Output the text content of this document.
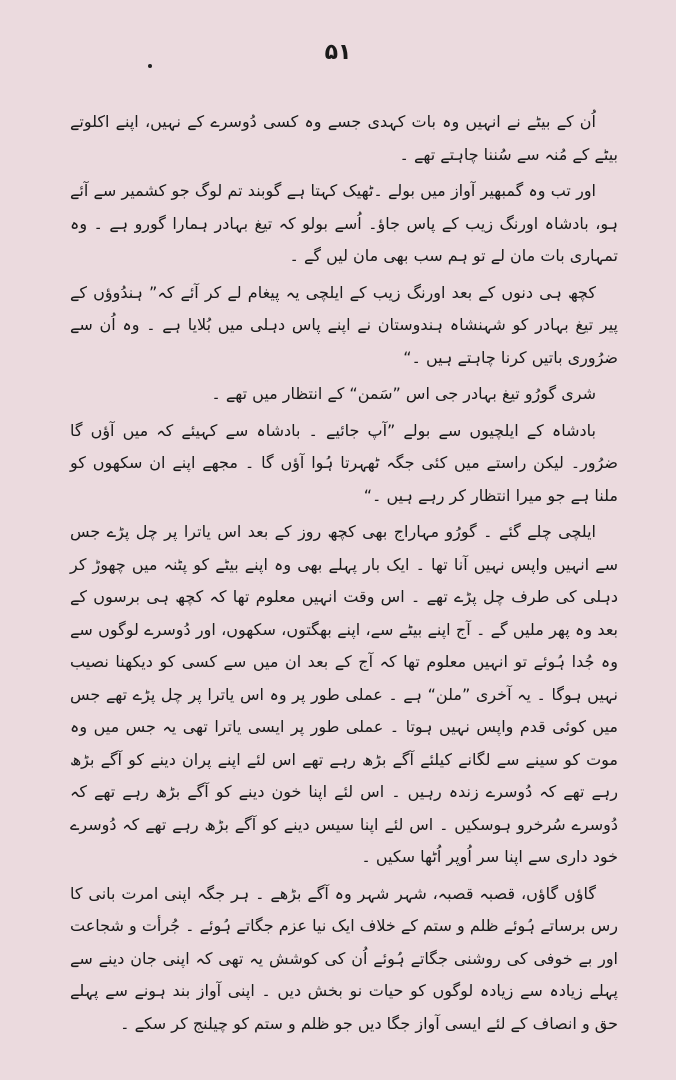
۵۱

اُن کے بیٹے نے انہیں وہ بات کہدی جسے وہ کسی دُوسرے کے نہیں، اپنے اکلوتے بیٹے کے مُنہ سے سُننا چاہتے تھے ۔

اور تب وہ گمبھیر آواز میں بولے ۔ٹھیک کہتا ہے گوبند تم لوگ جو کشمیر سے آئے ہو، بادشاہ اورنگ زیب کے پاس جاؤ۔ اُسے بولو کہ تیغ بہادر ہمارا گورو ہے ۔ وہ تمہاری بات مان لے تو ہم سب بھی مان لیں گے ۔

کچھ ہی دنوں کے بعد اورنگ زیب کے ایلچی یہ پیغام لے کر آئے کہ” ہندُوؤں کے پیر تیغ بہادر کو شہنشاہ ہندوستان نے اپنے پاس دہلی میں بُلایا ہے ۔ وہ اُن سے ضرُوری باتیں کرنا چاہتے ہیں ۔“

شری گورُو تیغ بہادر جی اس ”سَمن“ کے انتظار میں تھے ۔

بادشاہ کے ایلچیوں سے بولے ”آپ جائیے ۔ بادشاہ سے کہیئے کہ میں آؤں گا ضرُور۔ لیکن راستے میں کئی جگہ ٹھہرتا ہُوا آؤں گا ۔ مجھے اپنے ان سکھوں کو ملنا ہے جو میرا انتظار کر رہے ہیں ۔“

ایلچی چلے گئے ۔ گورُو مہاراج بھی کچھ روز کے بعد اس یاترا پر چل پڑے جس سے انہیں واپس نہیں آنا تھا ۔ ایک بار پہلے بھی وہ اپنے بیٹے کو پٹنہ میں چھوڑ کر دہلی کی طرف چل پڑے تھے ۔ اس وقت انہیں معلوم تھا کہ کچھ ہی برسوں کے بعد وہ پھر ملیں گے ۔ آج اپنے بیٹے سے، اپنے بھگتوں، سکھوں، اور دُوسرے لوگوں سے وہ جُدا ہُوئے تو انہیں معلوم تھا کہ آج کے بعد ان میں سے کسی کو دیکھنا نصیب نہیں ہوگا ۔ یہ آخری ”ملن“ ہے ۔ عملی طور پر وہ اس یاترا پر چل پڑے تھے جس میں کوئی قدم واپس نہیں ہوتا ۔ عملی طور پر ایسی یاترا تھی یہ جس میں وہ موت کو سینے سے لگانے کیلئے آگے بڑھ رہے تھے اس لئے اپنے پران دینے کو آگے بڑھ رہے تھے کہ دُوسرے زندہ رہیں ۔ اس لئے اپنا خون دینے کو آگے بڑھ رہے تھے کہ دُوسرے سُرخرو ہوسکیں ۔ اس لئے اپنا سیس دینے کو آگے بڑھ رہے تھے کہ دُوسرے خود داری سے اپنا سر اُوپر اُٹھا سکیں ۔

گاؤں گاؤں، قصبہ قصبہ، شہر شہر وہ آگے بڑھے ۔ ہر جگہ اپنی امرت بانی کا رس برساتے ہُوئے ظلم و ستم کے خلاف ایک نیا عزم جگاتے ہُوئے ۔ جُرأت و شجاعت اور بے خوفی کی روشنی جگاتے ہُوئے اُن کی کوشش یہ تھی کہ اپنی جان دینے سے پہلے زیادہ سے زیادہ لوگوں کو حیات نو بخش دیں ۔ اپنی آواز بند ہونے سے پہلے حق و انصاف کے لئے ایسی آواز جگا دیں جو ظلم و ستم کو چیلنج کر سکے ۔
